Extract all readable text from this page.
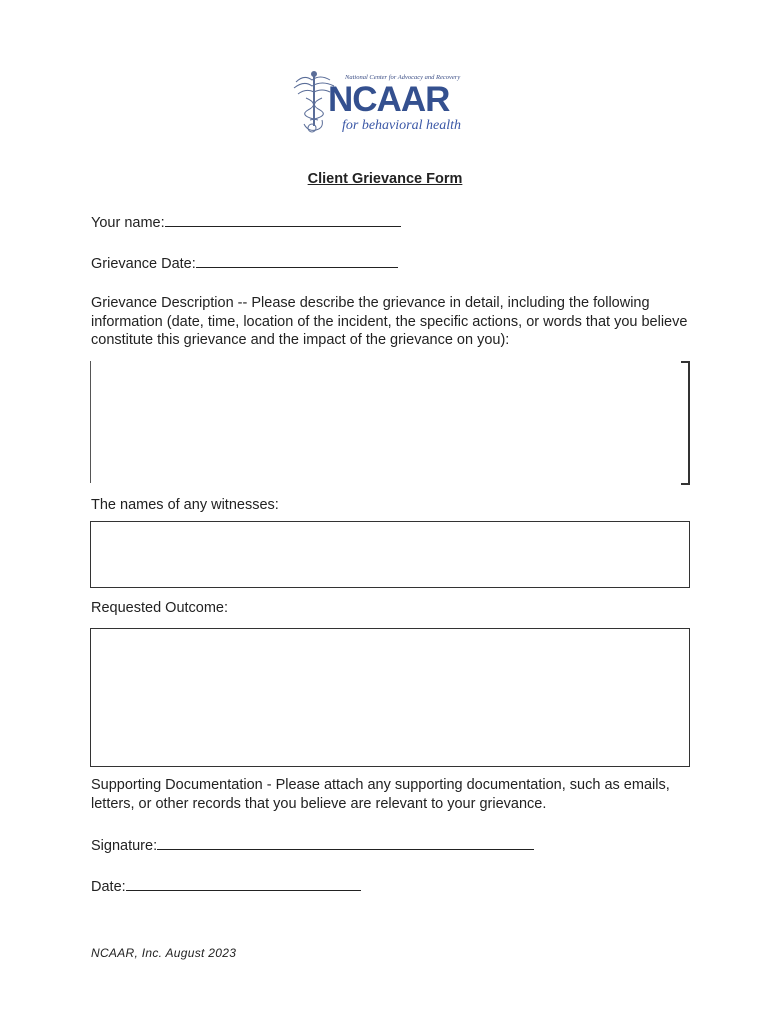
National Center for Advocacy and Recovery
NCAAR
for behavioral health
Client Grievance Form
Your name:
Grievance Date:
Grievance Description -- Please describe the grievance in detail, including the following information (date, time, location of the incident, the specific actions, or words that you believe constitute this grievance and the impact of the grievance on you):
The names of any witnesses:
Requested Outcome:
Supporting Documentation - Please attach any supporting documentation, such as emails, letters, or other records that you believe are relevant to your grievance.
Signature:
Date:
NCAAR, Inc. August 2023
